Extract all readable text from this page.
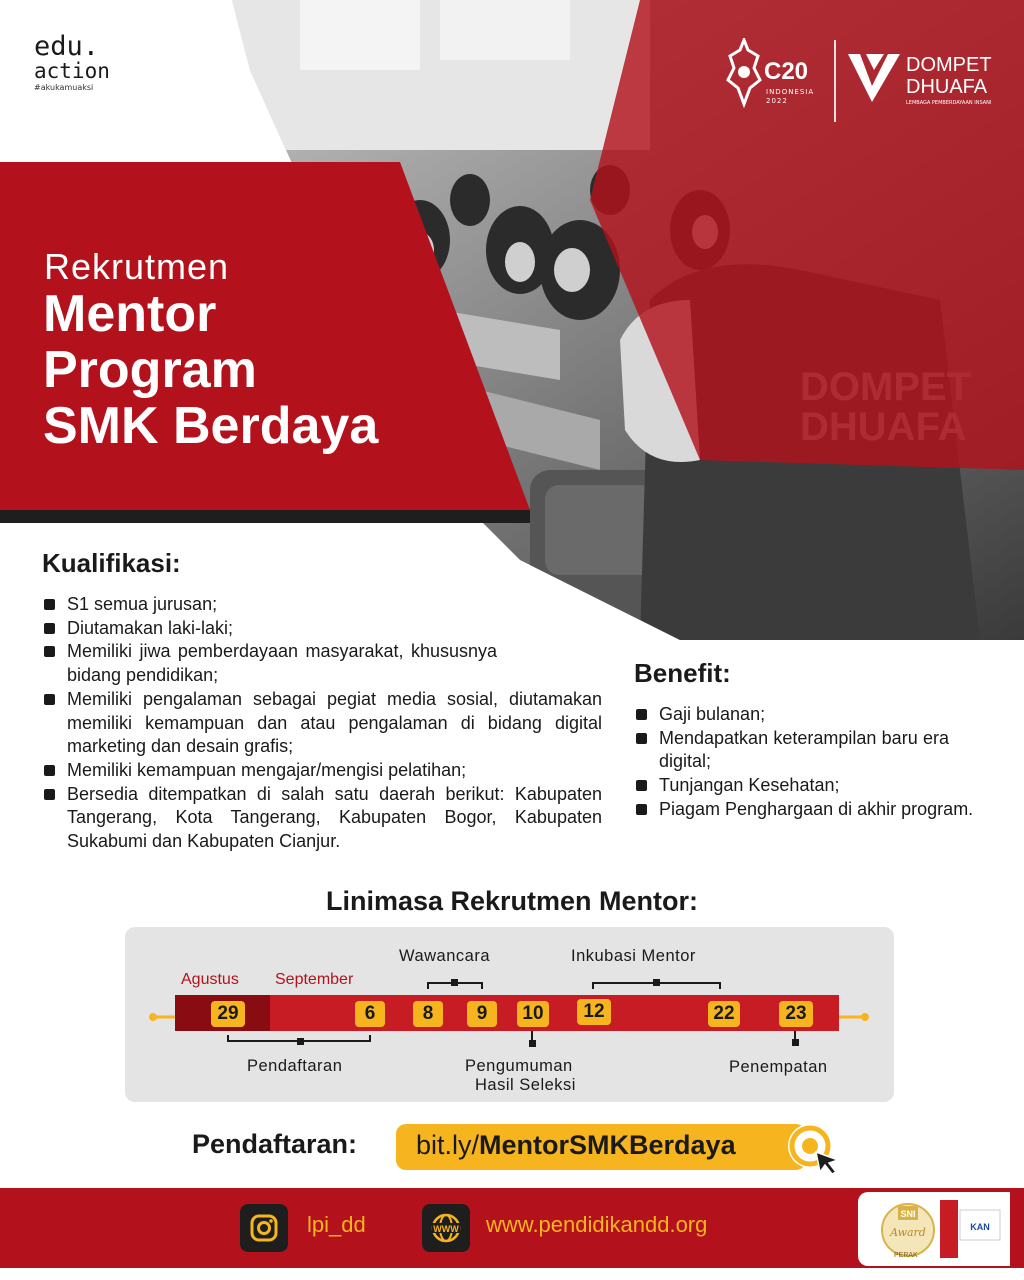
edu.
action
#akukamuaksi
C20
INDONESIA
2022
DOMPET
DHUAFA
LEMBAGA PEMBERDAYAAN INSANI
Rekrutmen
Mentor
Program
SMK Berdaya
Kualifikasi:
S1 semua jurusan;
Diutamakan laki-laki;
Memiliki jiwa pemberdayaan masyarakat, khususnya bidang pendidikan;
Memiliki pengalaman sebagai pegiat media sosial, diutamakan memiliki kemampuan dan atau pengalaman di bidang digital marketing dan desain grafis;
Memiliki kemampuan mengajar/mengisi pelatihan;
Bersedia ditempatkan di salah satu daerah berikut: Kabupaten Tangerang, Kota Tangerang, Kabupaten Bogor, Kabupaten Sukabumi dan Kabupaten Cianjur.
Benefit:
Gaji bulanan;
Mendapatkan keterampilan baru era digital;
Tunjangan Kesehatan;
Piagam Penghargaan di akhir program.
Linimasa Rekrutmen Mentor:
Agustus September
29	6	8	9	10	12	22	23
Wawancara	Inkubasi Mentor
Pendaftaran	Pengumuman
Hasil Seleksi
Penempatan
Pendaftaran: bit.ly/MentorSMKBerdaya
lpi_dd	WWW www.pendidikandd.org	SNI
Award	KAN
PERAK
